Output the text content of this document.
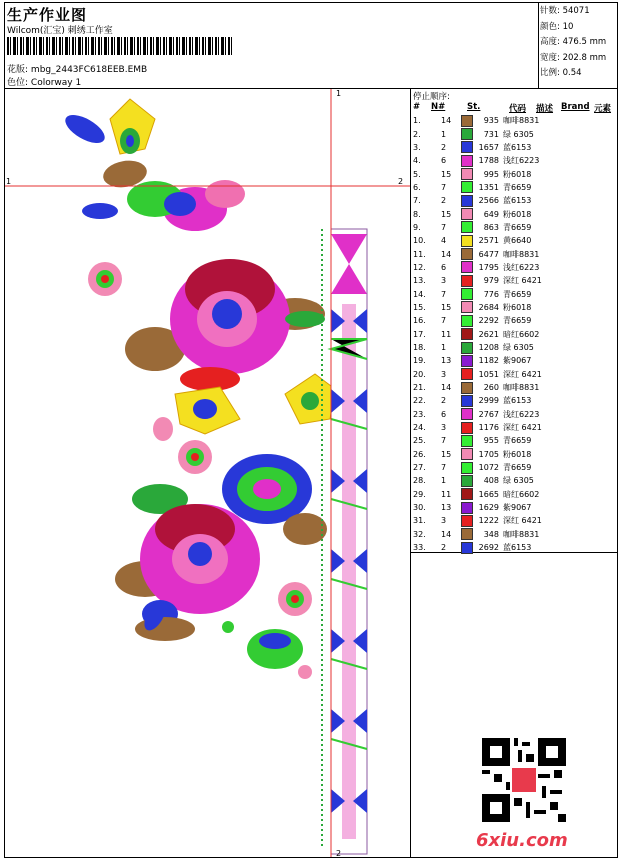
生产作业图
Wilcom(汇宝) 刺绣工作室
花版: mbg_2443FC618EEB.EMB
色位: Colorway 1
针数: 54071
颜色: 10
高度: 476.5 mm
宽度: 202.8 mm
比例: 0.54
1	2
1
2
停止顺序:
# N#	St.	代码 描述 Brand 元素
1.	14		935	咖啡8831
2.	1		731	绿 6305
3.	2		1657	蓝6153
4.	6		1788	浅红6223
5.	15		995	粉6018
6.	7		1351	青6659
7.	2		2566	蓝6153
8.	15		649	粉6018
9.	7		863	青6659
10.	4		2571	黄6640
11.	14		6477	咖啡8831
12.	6		1795	浅红6223
13.	3		979	深红 6421
14.	7		776	青6659
15.	15		2684	粉6018
16.	7		2292	青6659
17.	11		2621	暗红6602
18.	1		1208	绿 6305
19.	13		1182	紫9067
20.	3		1051	深红 6421
21.	14		260	咖啡8831
22.	2		2999	蓝6153
23.	6		2767	浅红6223
24.	3		1176	深红 6421
25.	7		955	青6659
26.	15		1705	粉6018
27.	7		1072	青6659
28.	1		408	绿 6305
29.	11		1665	暗红6602
30.	13		1629	紫9067
31.	3		1222	深红 6421
32.	14		348	咖啡8831
33.	2		2692	蓝6153
6xiu.com
